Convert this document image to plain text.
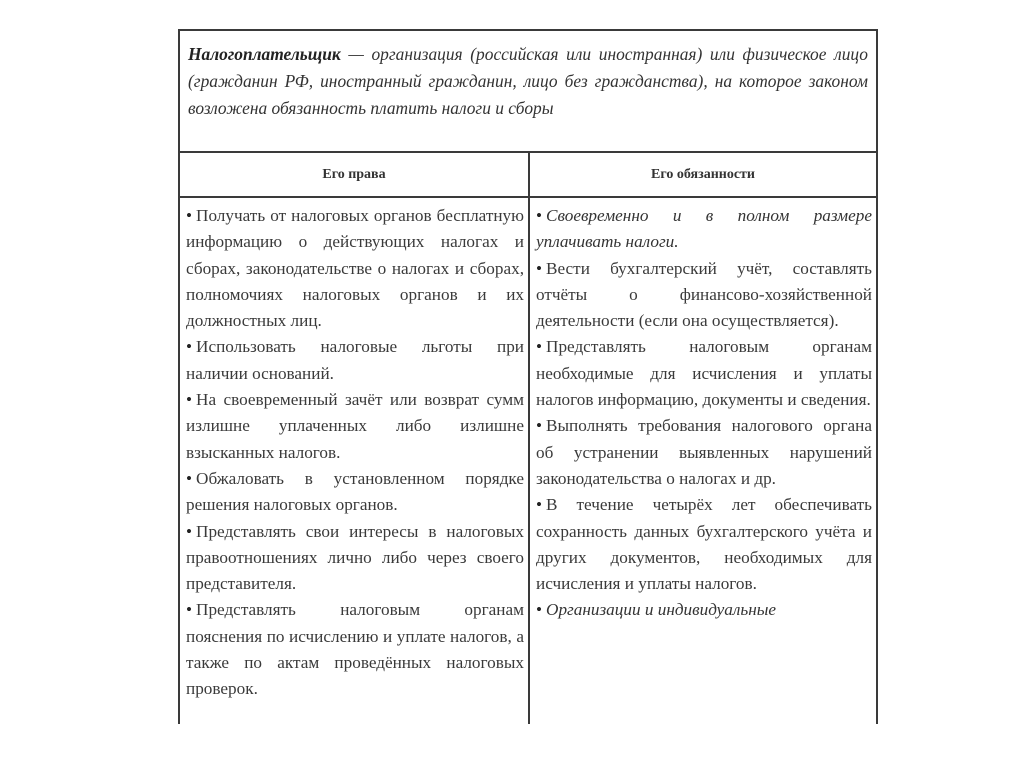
Налогоплательщик — организация (российская или иностранная) или физическое лицо (гражданин РФ, иностранный гражданин, лицо без гражданства), на которое законом возложена обязанность платить налоги и сборы
Его права	Его обязанности

• Получать от налоговых органов бесплатную информацию о действующих налогах и сборах, законодательстве о налогах и сборах, полномочиях налоговых органов и их должностных лиц.

• Использовать налоговые льготы при наличии оснований.

• На своевременный зачёт или возврат сумм излишне уплаченных либо излишне взысканных налогов.

• Обжаловать в установленном порядке решения налоговых органов.

• Представлять свои интересы в налоговых правоотношениях лично либо через своего представителя.

• Представлять налоговым органам пояснения по исчислению и уплате налогов, а также по актам проведённых налоговых проверок.

• Своевременно и в полном размере уплачивать налоги.

• Вести бухгалтерский учёт, составлять отчёты о финансово-хозяйственной деятельности (если она осуществляется).

• Представлять налоговым органам необходимые для исчисления и уплаты налогов информацию, документы и сведения.

• Выполнять требования налогового органа об устранении выявленных нарушений законодательства о налогах и др.

• В течение четырёх лет обеспечивать сохранность данных бухгалтерского учёта и других документов, необходимых для исчисления и уплаты налогов.

• Организации и индивидуальные
